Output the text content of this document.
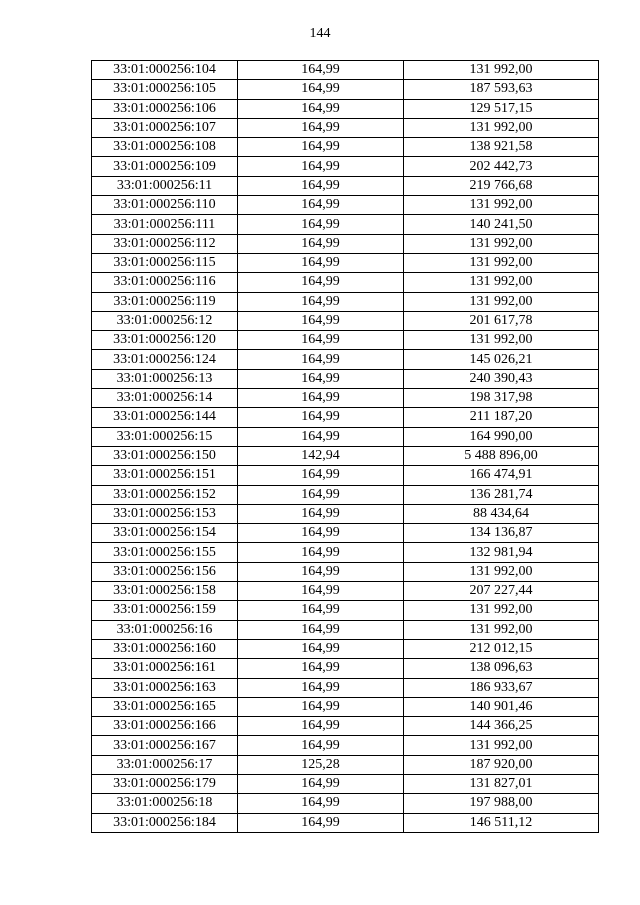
144
33:01:000256:104	164,99	131 992,00
33:01:000256:105	164,99	187 593,63
33:01:000256:106	164,99	129 517,15
33:01:000256:107	164,99	131 992,00
33:01:000256:108	164,99	138 921,58
33:01:000256:109	164,99	202 442,73
33:01:000256:11	164,99	219 766,68
33:01:000256:110	164,99	131 992,00
33:01:000256:111	164,99	140 241,50
33:01:000256:112	164,99	131 992,00
33:01:000256:115	164,99	131 992,00
33:01:000256:116	164,99	131 992,00
33:01:000256:119	164,99	131 992,00
33:01:000256:12	164,99	201 617,78
33:01:000256:120	164,99	131 992,00
33:01:000256:124	164,99	145 026,21
33:01:000256:13	164,99	240 390,43
33:01:000256:14	164,99	198 317,98
33:01:000256:144	164,99	211 187,20
33:01:000256:15	164,99	164 990,00
33:01:000256:150	142,94	5 488 896,00
33:01:000256:151	164,99	166 474,91
33:01:000256:152	164,99	136 281,74
33:01:000256:153	164,99	88 434,64
33:01:000256:154	164,99	134 136,87
33:01:000256:155	164,99	132 981,94
33:01:000256:156	164,99	131 992,00
33:01:000256:158	164,99	207 227,44
33:01:000256:159	164,99	131 992,00
33:01:000256:16	164,99	131 992,00
33:01:000256:160	164,99	212 012,15
33:01:000256:161	164,99	138 096,63
33:01:000256:163	164,99	186 933,67
33:01:000256:165	164,99	140 901,46
33:01:000256:166	164,99	144 366,25
33:01:000256:167	164,99	131 992,00
33:01:000256:17	125,28	187 920,00
33:01:000256:179	164,99	131 827,01
33:01:000256:18	164,99	197 988,00
33:01:000256:184	164,99	146 511,12
